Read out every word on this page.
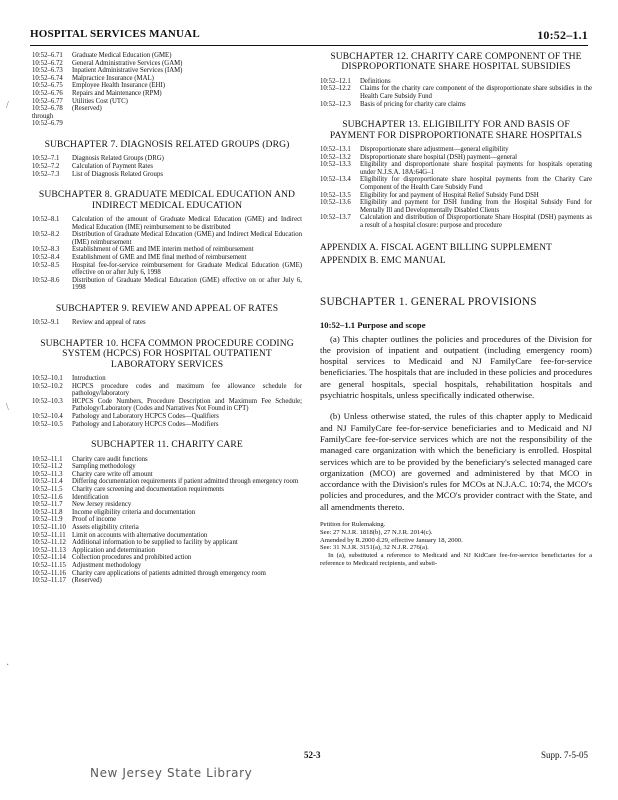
HOSPITAL SERVICES MANUAL	10:52–1.1
10:52–6.71	Graduate Medical Education (GME)
10:52–6.72	General Administrative Services (GAM)
10:52–6.73	Inpatient Administrative Services (IAM)
10:52–6.74	Malpractice Insurance (MAL)
10:52–6.75	Employee Health Insurance (EHI)
10:52–6.76	Repairs and Maintenance (RPM)
10:52–6.77	Utilities Cost (UTC)
10:52–6.78	(Reserved)
through
10:52–6.79
SUBCHAPTER 7. DIAGNOSIS RELATED GROUPS (DRG)
10:52–7.1	Diagnosis Related Groups (DRG)
10:52–7.2	Calculation of Payment Rates
10:52–7.3	List of Diagnosis Related Groups
SUBCHAPTER 8. GRADUATE MEDICAL EDUCATION AND INDIRECT MEDICAL EDUCATION
10:52–8.1	Calculation of the amount of Graduate Medical Education (GME) and Indirect Medical Education (IME) reimbursement to be distributed
10:52–8.2	Distribution of Graduate Medical Education (GME) and Indirect Medical Education (IME) reimbursement
10:52–8.3	Establishment of GME and IME interim method of reimbursement
10:52–8.4	Establishment of GME and IME final method of reimbursement
10:52–8.5	Hospital fee-for-service reimbursement for Graduate Medical Education (GME) effective on or after July 6, 1998
10:52–8.6	Distribution of Graduate Medical Education (GME) effective on or after July 6, 1998
SUBCHAPTER 9. REVIEW AND APPEAL OF RATES
10:52–9.1	Review and appeal of rates
SUBCHAPTER 10. HCFA COMMON PROCEDURE CODING SYSTEM (HCPCS) FOR HOSPITAL OUTPATIENT LABORATORY SERVICES
10:52–10.1	Introduction
10:52–10.2	HCPCS procedure codes and maximum fee allowance schedule for pathology/laboratory
10:52–10.3	HCPCS Code Numbers, Procedure Description and Maximum Fee Schedule; Pathology/Laboratory (Codes and Narratives Not Found in CPT)
10:52–10.4	Pathology and Laboratory HCPCS Codes—Qualifiers
10:52–10.5	Pathology and Laboratory HCPCS Codes—Modifiers
SUBCHAPTER 11. CHARITY CARE
10:52–11.1	Charity care audit functions
10:52–11.2	Sampling methodology
10:52–11.3	Charity care write off amount
10:52–11.4	Differing documentation requirements if patient admitted through emergency room
10:52–11.5	Charity care screening and documentation requirements
10:52–11.6	Identification
10:52–11.7	New Jersey residency
10:52–11.8	Income eligibility criteria and documentation
10:52–11.9	Proof of income
10:52–11.10 Assets eligibility criteria
10:52–11.11 Limit on accounts with alternative documentation
10:52–11.12 Additional information to be supplied to facility by applicant
10:52–11.13 Application and determination
10:52–11.14 Collection procedures and prohibited action
10:52–11.15 Adjustment methodology
10:52–11.16 Charity care applications of patients admitted through emergency room
10:52–11.17 (Reserved)
SUBCHAPTER 12. CHARITY CARE COMPONENT OF THE DISPROPORTIONATE SHARE HOSPITAL SUBSIDIES
10:52–12.1	Definitions
10:52–12.2	Claims for the charity care component of the disproportionate share subsidies in the Health Care Subsidy Fund
10:52–12.3	Basis of pricing for charity care claims
SUBCHAPTER 13. ELIGIBILITY FOR AND BASIS OF PAYMENT FOR DISPROPORTIONATE SHARE HOSPITALS
10:52–13.1	Disproportionate share adjustment—general eligibility
10:52–13.2	Disproportionate share hospital (DSH) payment—general
10:52–13.3	Eligibility and disproportionate share hospital payments for hospitals operating under N.J.S.A. 18A:64G–1
10:52–13.4	Eligibility for disproportionate share hospital payments from the Charity Care Component of the Health Care Subsidy Fund
10:52–13.5	Eligibility for and payment of Hospital Relief Subsidy Fund DSH
10:52–13.6	Eligibility and payment for DSH funding from the Hospital Subsidy Fund for Mentally Ill and Developmentally Disabled Clients
10:52–13.7	Calculation and distribution of Disproportionate Share Hospital (DSH) payments as a result of a hospital closure: purpose and procedure
APPENDIX A. FISCAL AGENT BILLING SUPPLEMENT
APPENDIX B. EMC MANUAL
SUBCHAPTER 1. GENERAL PROVISIONS
10:52–1.1 Purpose and scope
(a) This chapter outlines the policies and procedures of the Division for the provision of inpatient and outpatient (including emergency room) hospital services to Medicaid and NJ FamilyCare fee-for-service beneficiaries. The hospitals that are included in these policies and procedures are general hospitals, special hospitals, rehabilitation hospitals and psychiatric hospitals, unless specifically indicated otherwise.
(b) Unless otherwise stated, the rules of this chapter apply to Medicaid and NJ FamilyCare fee-for-service beneficiaries and to Medicaid and NJ FamilyCare fee-for-service services which are not the responsibility of the managed care organization with which the beneficiary is enrolled. Hospital services which are to be provided by the beneficiary's selected managed care organization (MCO) are governed and administered by that MCO in accordance with the Division's rules for MCOs at N.J.A.C. 10:74, the MCO's policies and procedures, and the MCO's provider contract with the State, and all amendments thereto.
Petition for Rulemaking.
See: 27 N.J.R. 1818(b), 27 N.J.R. 2014(c).
Amended by R.2000 d.29, effective January 18, 2000.
See: 31 N.J.R. 3151(a), 32 N.J.R. 276(a).
In (a), substituted a reference to Medicaid and NJ KidCare fee-for-service beneficiaries for a reference to Medicaid recipients, and substi-
52-3	Supp. 7-5-05
New Jersey State Library
/
\
·
